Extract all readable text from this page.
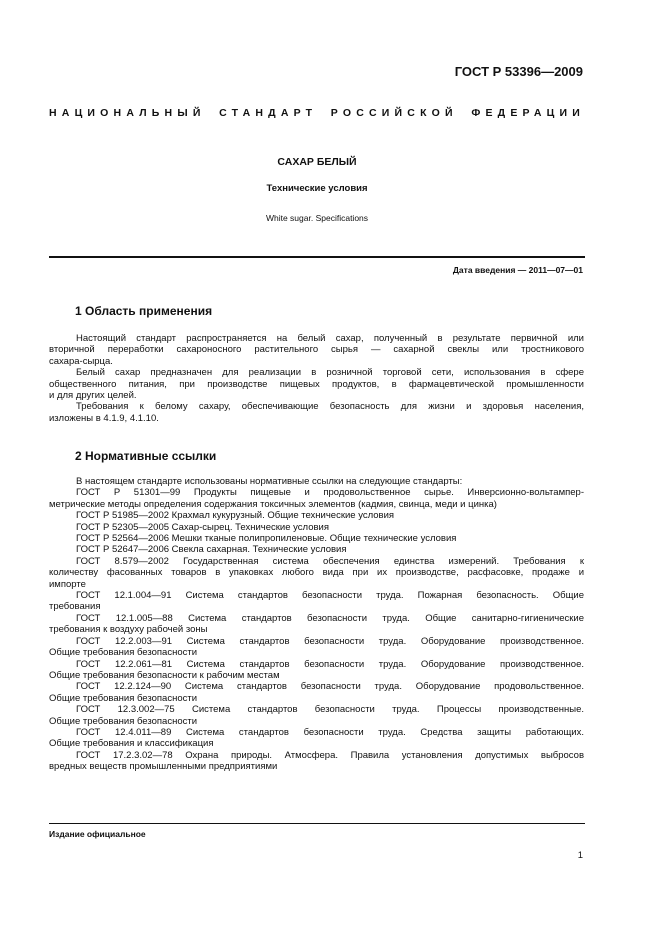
ГОСТ Р 53396—2009
НАЦИОНАЛЬНЫЙ СТАНДАРТ РОССИЙСКОЙ ФЕДЕРАЦИИ
САХАР БЕЛЫЙ
Технические условия
White sugar. Specifications
Дата введения — 2011—07—01
1 Область применения

Настоящий стандарт распространяется на белый сахар, полученный в результате первичной или

вторичной переработки сахароносного растительного сырья — сахарной свеклы или тростникового

сахара-сырца.

Белый сахар предназначен для реализации в розничной торговой сети, использования в сфере

общественного питания, при производстве пищевых продуктов, в фармацевтической промышленности

и для других целей.

Требования к белому сахару, обеспечивающие безопасность для жизни и здоровья населения,

изложены в 4.1.9, 4.1.10.

2 Нормативные ссылки

В настоящем стандарте использованы нормативные ссылки на следующие стандарты:

ГОСТ Р 51301—99 Продукты пищевые и продовольственное сырье. Инверсионно-вольтампер-

метрические методы определения содержания токсичных элементов (кадмия, свинца, меди и цинка)

ГОСТ Р 51985—2002 Крахмал кукурузный. Общие технические условия

ГОСТ Р 52305—2005 Сахар-сырец. Технические условия

ГОСТ Р 52564—2006 Мешки тканые полипропиленовые. Общие технические условия

ГОСТ Р 52647—2006 Свекла сахарная. Технические условия

ГОСТ 8.579—2002 Государственная система обеспечения единства измерений. Требования к

количеству фасованных товаров в упаковках любого вида при их производстве, расфасовке, продаже и

импорте

ГОСТ 12.1.004—91 Система стандартов безопасности труда. Пожарная безопасность. Общие

требования

ГОСТ 12.1.005—88 Система стандартов безопасности труда. Общие санитарно-гигиенические

требования к воздуху рабочей зоны

ГОСТ 12.2.003—91 Система стандартов безопасности труда. Оборудование производственное.

Общие требования безопасности

ГОСТ 12.2.061—81 Система стандартов безопасности труда. Оборудование производственное.

Общие требования безопасности к рабочим местам

ГОСТ 12.2.124—90 Система стандартов безопасности труда. Оборудование продовольственное.

Общие требования безопасности

ГОСТ 12.3.002—75 Система стандартов безопасности труда. Процессы производственные.

Общие требования безопасности

ГОСТ 12.4.011—89 Система стандартов безопасности труда. Средства защиты работающих.

Общие требования и классификация

ГОСТ 17.2.3.02—78 Охрана природы. Атмосфера. Правила установления допустимых выбросов

вредных веществ промышленными предприятиями

Издание официальное
1
